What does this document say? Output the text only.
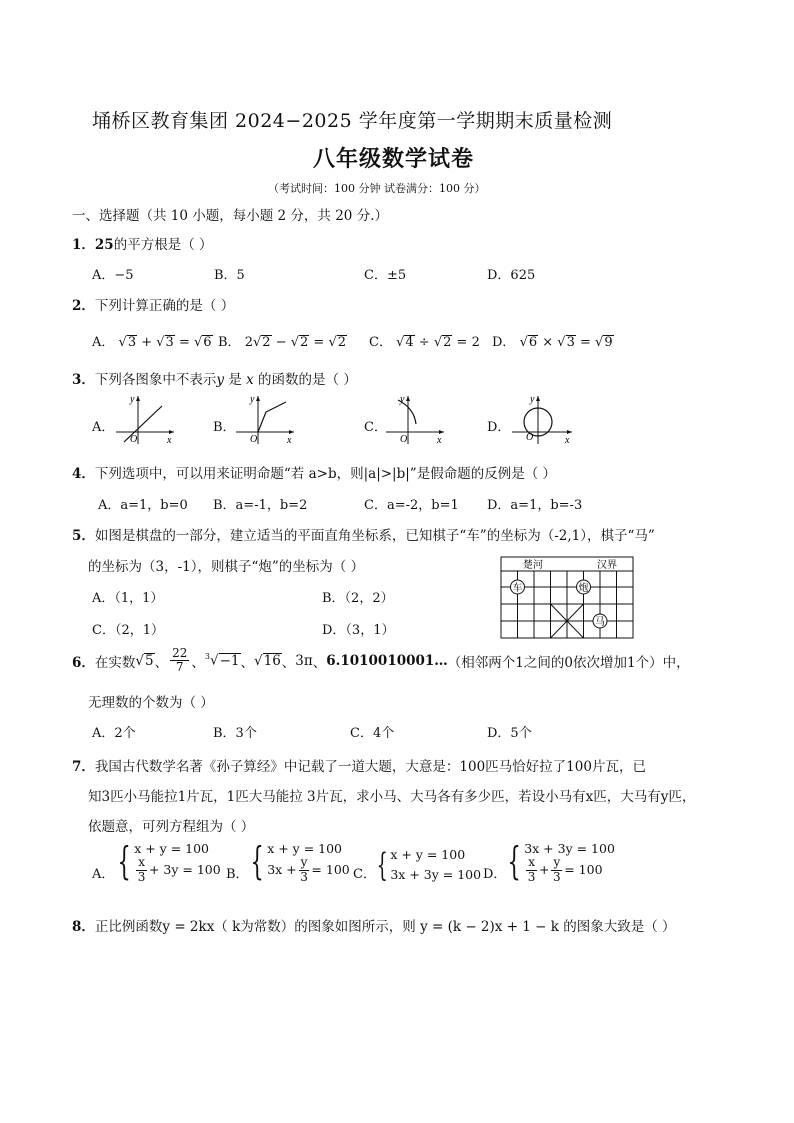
埇桥区教育集团 2024−2025 学年度第一学期期末质量检测
八年级数学试卷
（考试时间：100 分钟 试卷满分：100 分）
一、选择题（共 10 小题，每小题 2 分，共 20 分.）
1．25的平方根是（ ）
A．−5	B．5	C．±5	D．625
2．下列计算正确的是（ ）
A． √3 + √3 = √6 B． 2√2 − √2 = √2 C． √4 ÷ √2 = 2 D． √6 × √3 = √9
3．下列各图象中不表示y 是 x 的函数的是（ ）
A．
y
x
O
B．
y
x
O
C．
y
x
O
D．
y
x
O
4．下列选项中，可以用来证明命题“若 a>b，则|a|>|b|”是假命题的反例是（ ）
A．a=1，b=0 B．a=-1，b=2	C．a=-2，b=1 D．a=1，b=-3
5．如图是棋盘的一部分，建立适当的平面直角坐标系，已知棋子“车”的坐标为（-2,1），棋子“马”
的坐标为（3，-1），则棋子“炮”的坐标为（ ）
A．（1，1）	B．（2，2）
C．（2，1）	D．（3，1）
楚河	汉界
车	炮
马
6． 在实数 √5 、 $\frac{22}{7}$ 、 $^3$√−1 、 √16 、 3π 、 6.1010010001… （相邻两个1之间的0依次增加1个）中，
无理数的个数为（ ）
A．2个	B．3个	C．4个	D．5个
7．我国古代数学名著《孙子算经》中记载了一道大题，大意是：100匹马恰好拉了100片瓦，已
知3匹小马能拉1片瓦，1匹大马能拉 3片瓦，求小马、大马各有多少匹，若设小马有x匹，大马有y匹，
依题意，可列方程组为（ ）
A． { x + y = 100
$\frac{x}{3} + 3y = 100$ B． { x + y = 100
$3x + \frac{y}{3} = 100$ C． { x + y = 100
3x + 3y = 100 D． { 3x + 3y = 100
$\frac{x}{3} + \frac{y}{3} = 100$
8．正比例函数y = 2kx（ k为常数）的图象如图所示，则 y = (k − 2)x + 1 − k 的图象大致是（ ）
